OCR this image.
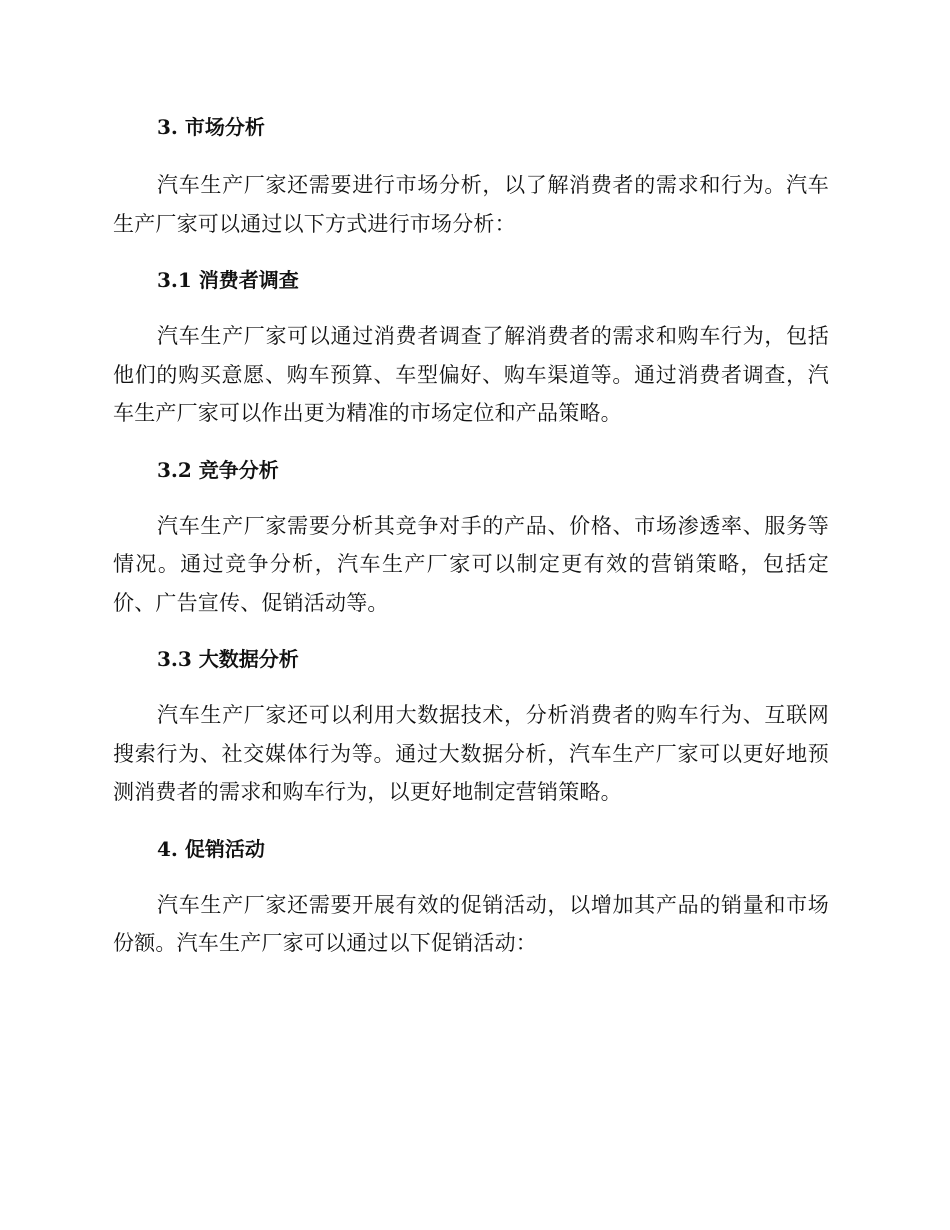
3. 市场分析

汽车生产厂家还需要进行市场分析，以了解消费者的需求和行为。汽车生产厂家可以通过以下方式进行市场分析：

3.1 消费者调查

汽车生产厂家可以通过消费者调查了解消费者的需求和购车行为，包括他们的购买意愿、购车预算、车型偏好、购车渠道等。通过消费者调查，汽车生产厂家可以作出更为精准的市场定位和产品策略。

3.2 竞争分析

汽车生产厂家需要分析其竞争对手的产品、价格、市场渗透率、服务等情况。通过竞争分析，汽车生产厂家可以制定更有效的营销策略，包括定价、广告宣传、促销活动等。

3.3 大数据分析

汽车生产厂家还可以利用大数据技术，分析消费者的购车行为、互联网搜索行为、社交媒体行为等。通过大数据分析，汽车生产厂家可以更好地预测消费者的需求和购车行为，以更好地制定营销策略。

4. 促销活动

汽车生产厂家还需要开展有效的促销活动，以增加其产品的销量和市场份额。汽车生产厂家可以通过以下促销活动：
